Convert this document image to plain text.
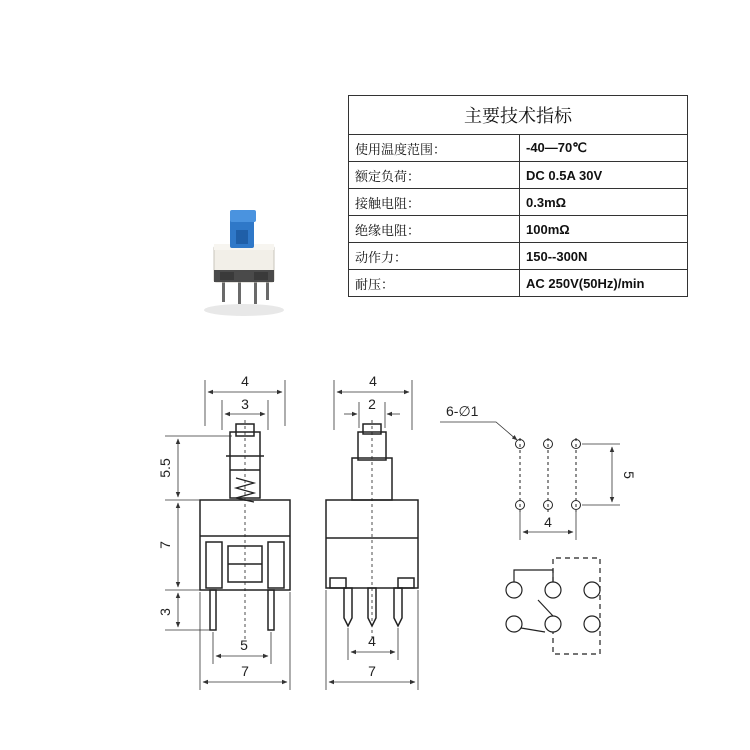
主要技术指标	
使用温度范围：	-40—70℃
额定负荷：	DC 0.5A 30V
接触电阻：	0.3mΩ
绝缘电阻：	100mΩ
动作力：	150--300N
耐压：	AC 250V(50Hz)/min
4
3
5.5
7
3
5
7
4
2
4
7
6-∅1
5
4
